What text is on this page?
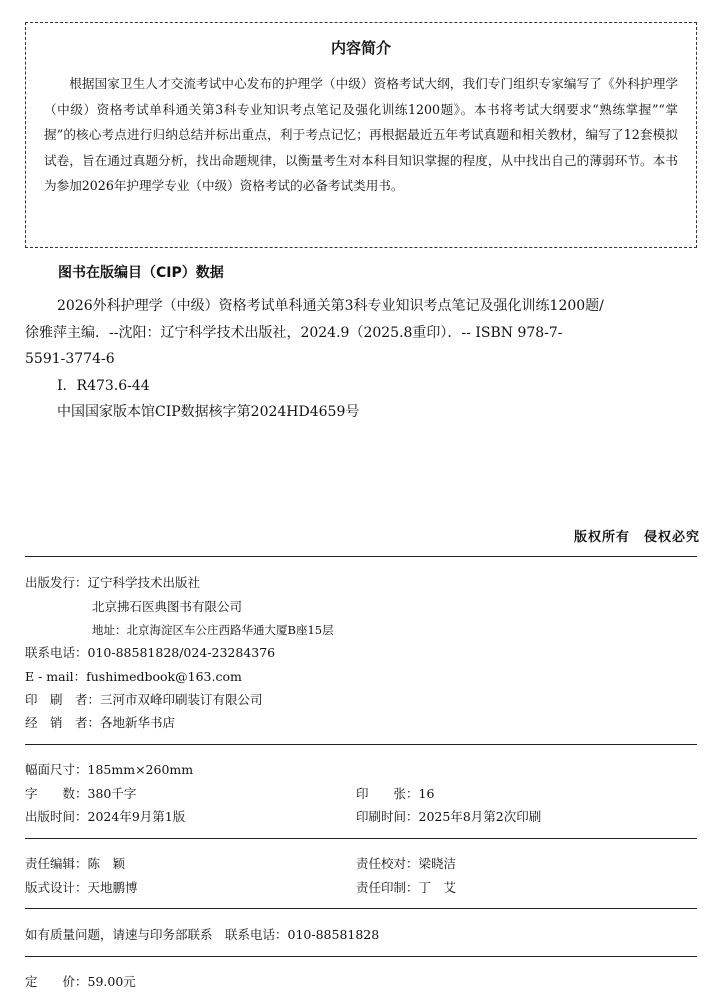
内容简介
根据国家卫生人才交流考试中心发布的护理学（中级）资格考试大纲，我们专门组织专家编写了《外科护理学（中级）资格考试单科通关第3科专业知识考点笔记及强化训练1200题》。本书将考试大纲要求“熟练掌握”“掌握”的核心考点进行归纳总结并标出重点，利于考点记忆；再根据最近五年考试真题和相关教材，编写了12套模拟试卷，旨在通过真题分析，找出命题规律，以衡量考生对本科目知识掌握的程度，从中找出自己的薄弱环节。本书为参加2026年护理学专业（中级）资格考试的必备考试类用书。
图书在版编目（CIP）数据
2026外科护理学（中级）资格考试单科通关第3科专业知识考点笔记及强化训练1200题/
徐雅萍主编．--沈阳：辽宁科学技术出版社，2024.9（2025.8重印）．-- ISBN 978-7-
5591-3774-6
Ⅰ．R473.6-44
中国国家版本馆CIP数据核字第2024HD4659号
版权所有　侵权必究
出版发行：辽宁科学技术出版社
北京拂石医典图书有限公司
地址：北京海淀区车公庄西路华通大厦B座15层
联系电话：010-88581828/024-23284376
E - mail：fushimedbook@163.com
印　刷　者：三河市双峰印刷装订有限公司
经　销　者：各地新华书店
幅面尺寸：185mm×260mm
字　　数：380千字	印　　张：16
出版时间：2024年9月第1版	印刷时间：2025年8月第2次印刷
责任编辑：陈　颖	责任校对：梁晓洁
版式设计：天地鹏博	责任印制：丁　艾
如有质量问题，请速与印务部联系　联系电话：010-88581828
定　　价：59.00元
